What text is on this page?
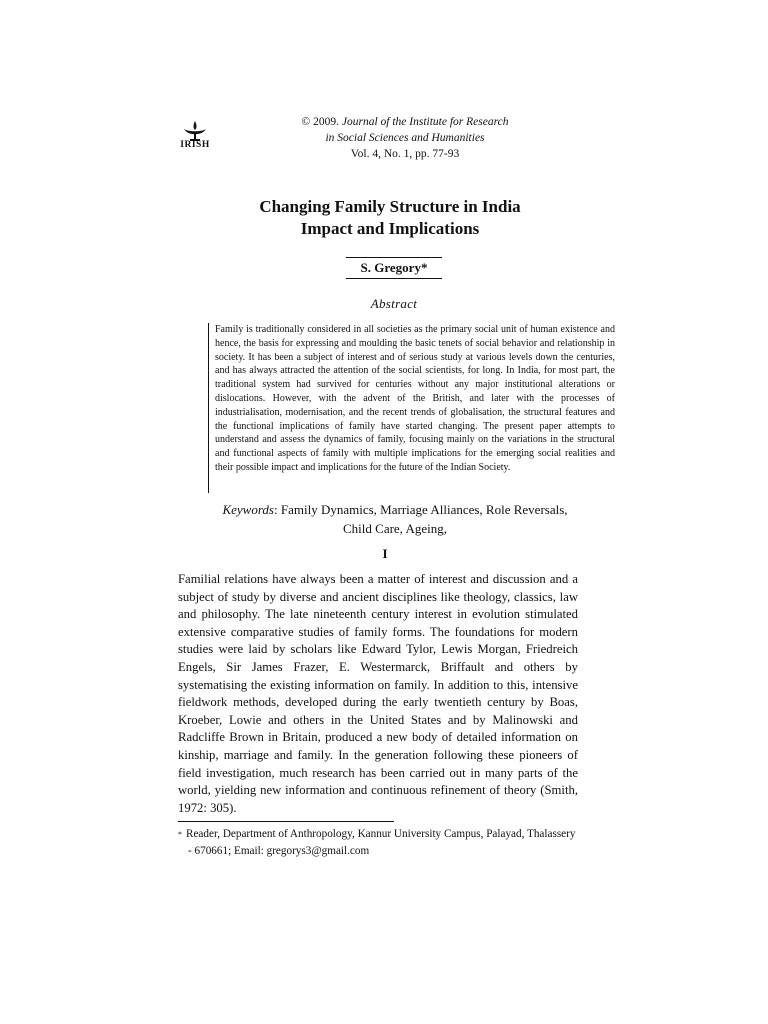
IRISH
© 2009. Journal of the Institute for Research
in Social Sciences and Humanities
Vol. 4, No. 1, pp. 77-93
Changing Family Structure in India
Impact and Implications
S. Gregory*
Abstract
Family is traditionally considered in all societies as the primary social unit of human existence and hence, the basis for expressing and moulding the basic tenets of social behavior and relationship in society. It has been a subject of interest and of serious study at various levels down the centuries, and has always attracted the attention of the social scientists, for long. In India, for most part, the traditional system had survived for centuries without any major institutional alterations or dislocations. However, with the advent of the British, and later with the processes of industrialisation, modernisation, and the recent trends of globalisation, the structural features and the functional implications of family have started changing. The present paper attempts to understand and assess the dynamics of family, focusing mainly on the variations in the structural and functional aspects of family with multiple implications for the emerging social realities and their possible impact and implications for the future of the Indian Society.
Keywords: Family Dynamics, Marriage Alliances, Role Reversals,
Child Care, Ageing,
I
Familial relations have always been a matter of interest and discussion and a subject of study by diverse and ancient disciplines like theology, classics, law and philosophy. The late nineteenth century interest in evolution stimulated extensive comparative studies of family forms. The foundations for modern studies were laid by scholars like Edward Tylor, Lewis Morgan, Friedreich Engels, Sir James Frazer, E. Westermarck, Briffault and others by systematising the existing information on family. In addition to this, intensive fieldwork methods, developed during the early twentieth century by Boas, Kroeber, Lowie and others in the United States and by Malinowski and Radcliffe Brown in Britain, produced a new body of detailed information on kinship, marriage and family. In the generation following these pioneers of field investigation, much research has been carried out in many parts of the world, yielding new information and continuous refinement of theory (Smith, 1972: 305).
* Reader, Department of Anthropology, Kannur University Campus, Palayad, Thalassery
- 670661; Email: gregorys3@gmail.com
